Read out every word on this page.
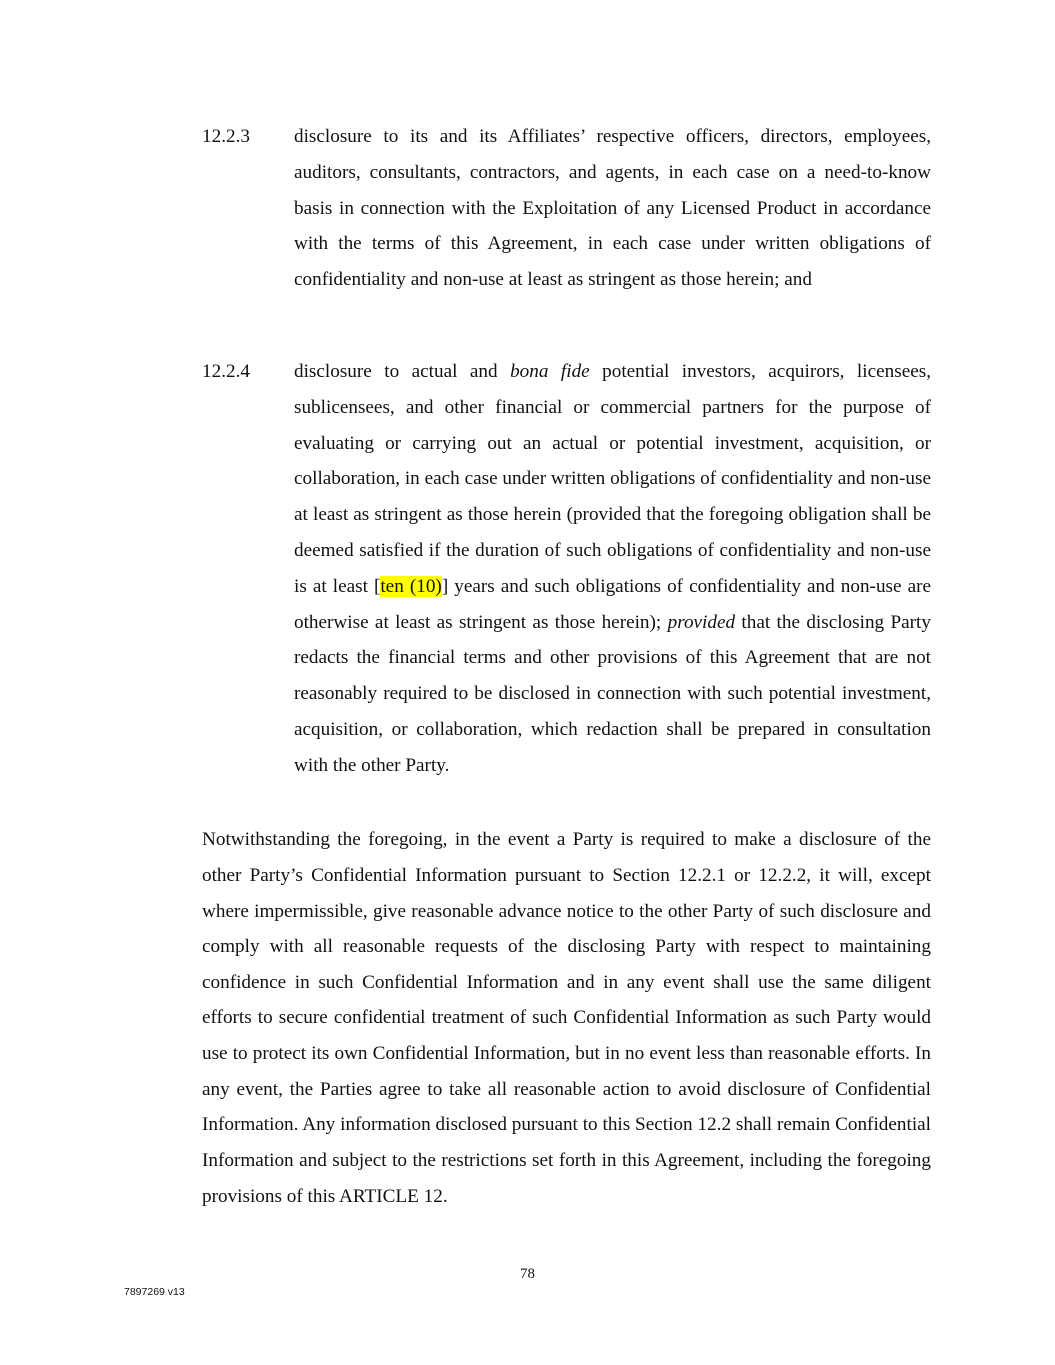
12.2.3 disclosure to its and its Affiliates’ respective officers, directors, employees, auditors, consultants, contractors, and agents, in each case on a need-to-know basis in connection with the Exploitation of any Licensed Product in accordance with the terms of this Agreement, in each case under written obligations of confidentiality and non-use at least as stringent as those herein; and
12.2.4 disclosure to actual and bona fide potential investors, acquirors, licensees, sublicensees, and other financial or commercial partners for the purpose of evaluating or carrying out an actual or potential investment, acquisition, or collaboration, in each case under written obligations of confidentiality and non-use at least as stringent as those herein (provided that the foregoing obligation shall be deemed satisfied if the duration of such obligations of confidentiality and non-use is at least [ten (10)] years and such obligations of confidentiality and non-use are otherwise at least as stringent as those herein); provided that the disclosing Party redacts the financial terms and other provisions of this Agreement that are not reasonably required to be disclosed in connection with such potential investment, acquisition, or collaboration, which redaction shall be prepared in consultation with the other Party.

Notwithstanding the foregoing, in the event a Party is required to make a disclosure of the other Party’s Confidential Information pursuant to Section 12.2.1 or 12.2.2, it will, except where impermissible, give reasonable advance notice to the other Party of such disclosure and comply with all reasonable requests of the disclosing Party with respect to maintaining confidence in such Confidential Information and in any event shall use the same diligent efforts to secure confidential treatment of such Confidential Information as such Party would use to protect its own Confidential Information, but in no event less than reasonable efforts. In any event, the Parties agree to take all reasonable action to avoid disclosure of Confidential Information. Any information disclosed pursuant to this Section 12.2 shall remain Confidential Information and subject to the restrictions set forth in this Agreement, including the foregoing provisions of this ARTICLE 12.

78
7897269 v13
